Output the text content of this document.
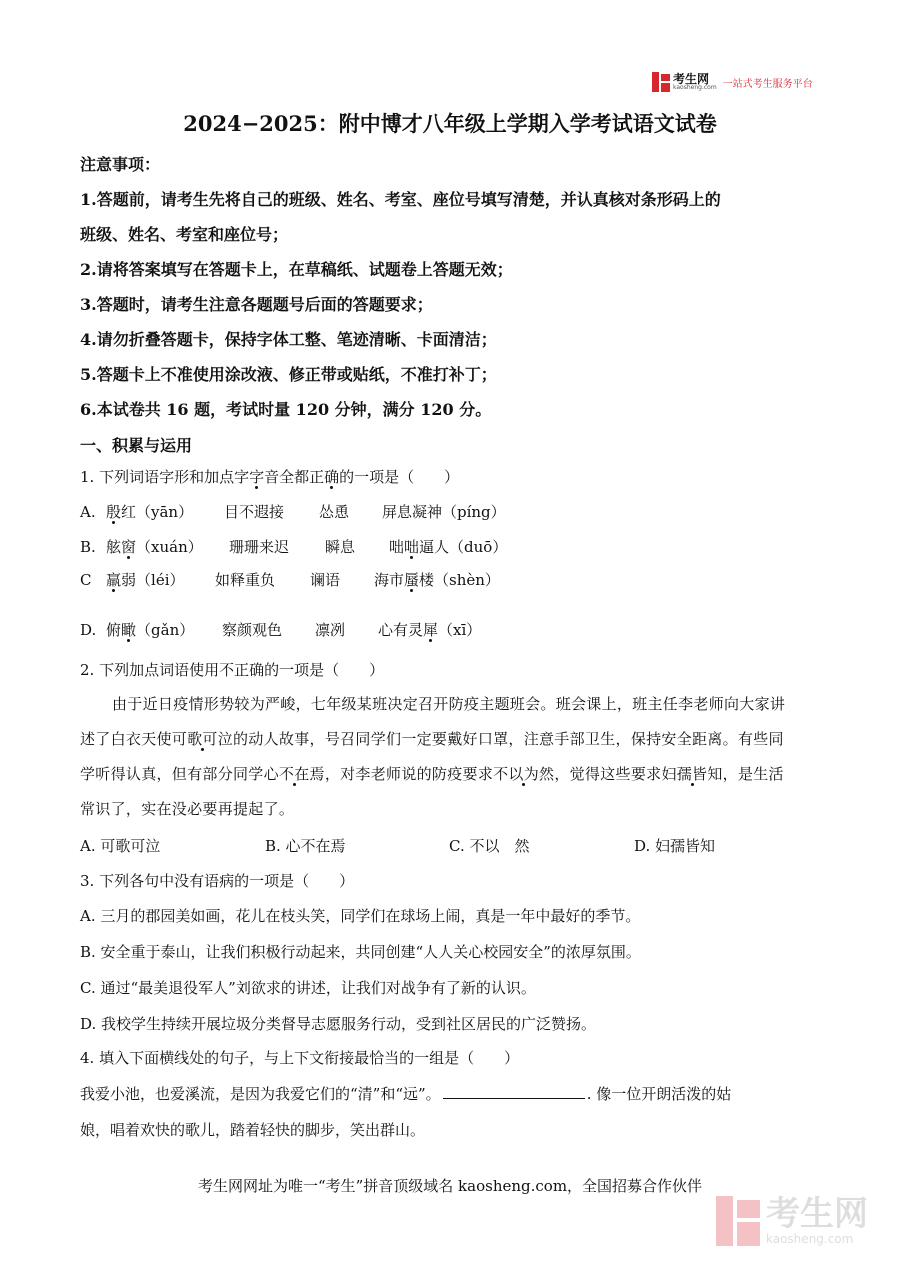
考生网
kaosheng.com 一站式考生服务平台
2024−2025：附中博才八年级上学期入学考试语文试卷
注意事项：
1.答题前，请考生先将自己的班级、姓名、考室、座位号填写清楚，并认真核对条形码上的
班级、姓名、考室和座位号；
2.请将答案填写在答题卡上，在草稿纸、试题卷上答题无效；
3.答题时，请考生注意各题题号后面的答题要求；
4.请勿折叠答题卡，保持字体工整、笔迹清晰、卡面清洁；
5.答题卡上不准使用涂改液、修正带或贴纸，不准打补丁；
6.本试卷共 16 题，考试时量 120 分钟，满分 120 分。
一、积累与运用
1. 下列词语字形和加点字字音全都正确的一项是（　　）
A. 殷红（yān） 目不遐接 怂恿 屏息凝神（píng）
B. 舷窗（xuán） 珊珊来迟 瞬息 咄咄逼人（duō）
C 羸弱（léi） 如释重负 谰语 海市蜃楼（shèn）
D. 俯瞰（gǎn） 察颜观色 凛冽 心有灵犀（xī）
2. 下列加点词语使用不正确的一项是（　　）
由于近日疫情形势较为严峻，七年级某班决定召开防疫主题班会。班会课上，班主任李老师向大家讲
述了白衣天使可歌可泣的动人故事，号召同学们一定要戴好口罩，注意手部卫生，保持安全距离。有些同
学听得认真，但有部分同学心不在焉，对李老师说的防疫要求不以为然，觉得这些要求妇孺皆知，是生活
常识了，实在没必要再提起了。
A. 可歌可泣	B. 心不在焉	C. 不以　然	D. 妇孺皆知
3. 下列各句中没有语病的一项是（　　）
A. 三月的郡园美如画，花儿在枝头笑，同学们在球场上闹，真是一年中最好的季节。
B. 安全重于泰山，让我们积极行动起来，共同创建“人人关心校园安全”的浓厚氛围。
C. 通过“最美退役军人”刘欲求的讲述，让我们对战争有了新的认识。
D. 我校学生持续开展垃圾分类督导志愿服务行动，受到社区居民的广泛赞扬。
4. 填入下面横线处的句子，与上下文衔接最恰当的一组是（　　）
我爱小池，也爱溪流，是因为我爱它们的“清”和“远”。	. 像一位开朗活泼的姑
娘，唱着欢快的歌儿，踏着轻快的脚步，笑出群山。
考生网网址为唯一“考生”拼音顶级域名 kaosheng.com，全国招募合作伙伴
考生网
kaosheng.com
